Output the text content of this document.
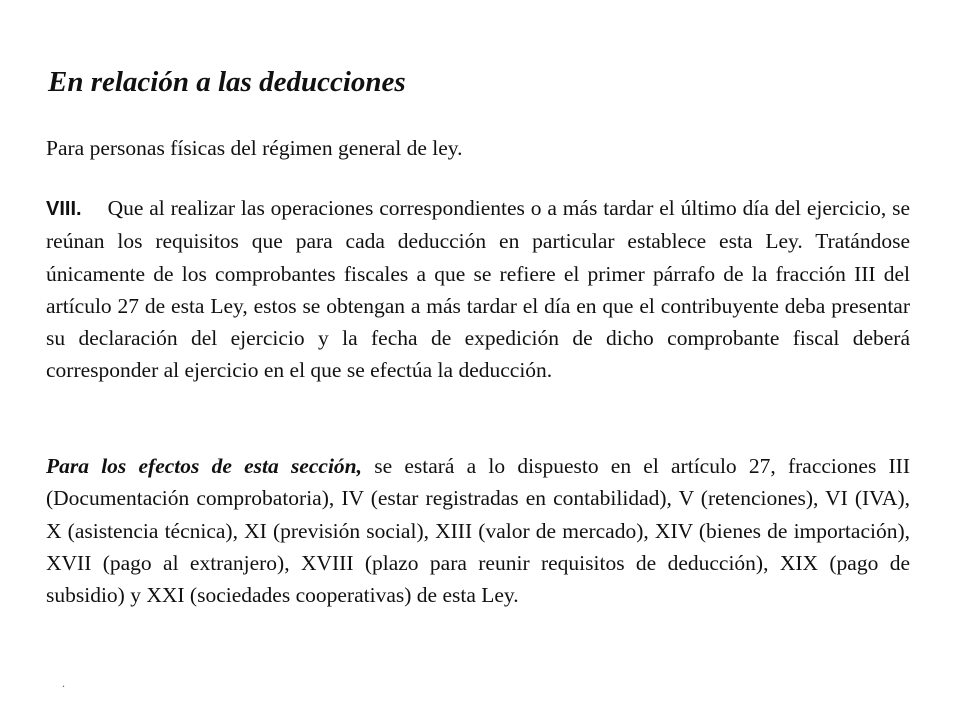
En relación a las deducciones

Para personas físicas del régimen general de ley.

VIII. Que al realizar las operaciones correspondientes o a más tardar el último día del ejercicio, se reúnan los requisitos que para cada deducción en particular establece esta Ley. Tratándose únicamente de los comprobantes fiscales a que se refiere el primer párrafo de la fracción III del artículo 27 de esta Ley, estos se obtengan a más tardar el día en que el contribuyente deba presentar su declaración del ejercicio y la fecha de expedición de dicho comprobante fiscal deberá corresponder al ejercicio en el que se efectúa la deducción.

Para los efectos de esta sección, se estará a lo dispuesto en el artículo 27, fracciones III (Documentación comprobatoria), IV (estar registradas en contabilidad), V (retenciones), VI (IVA), X (asistencia técnica), XI (previsión social), XIII (valor de mercado), XIV (bienes de importación), XVII (pago al extranjero), XVIII (plazo para reunir requisitos de deducción), XIX (pago de subsidio) y XXI (sociedades cooperativas) de esta Ley.

.
